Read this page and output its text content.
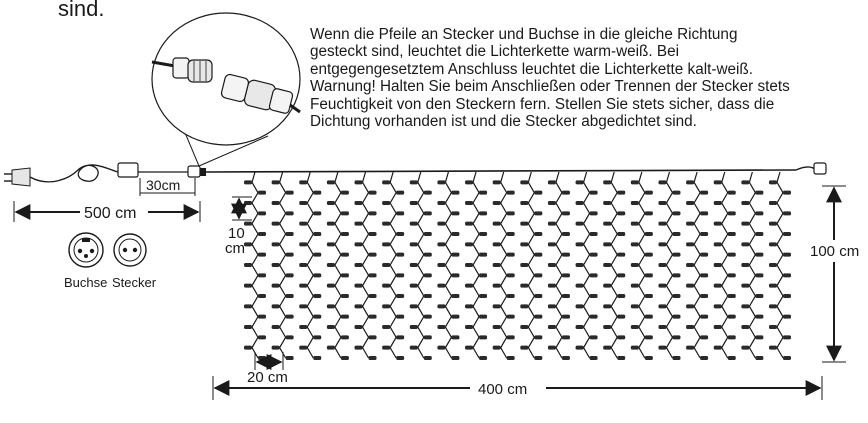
sind.

Wenn die Pfeile an Stecker und Buchse in die gleiche Richtung

gesteckt sind, leuchtet die Lichterkette warm-weiß. Bei

entgegengesetztem Anschluss leuchtet die Lichterkette kalt-weiß.

Warnung! Halten Sie beim Anschließen oder Trennen der Stecker stets

Feuchtigkeit von den Steckern fern. Stellen Sie stets sicher, dass die

Dichtung vorhanden ist und die Stecker abgedichtet sind.

30cm
500 cm
Buchse Stecker
10
cm	100 cm
20 cm
400 cm
